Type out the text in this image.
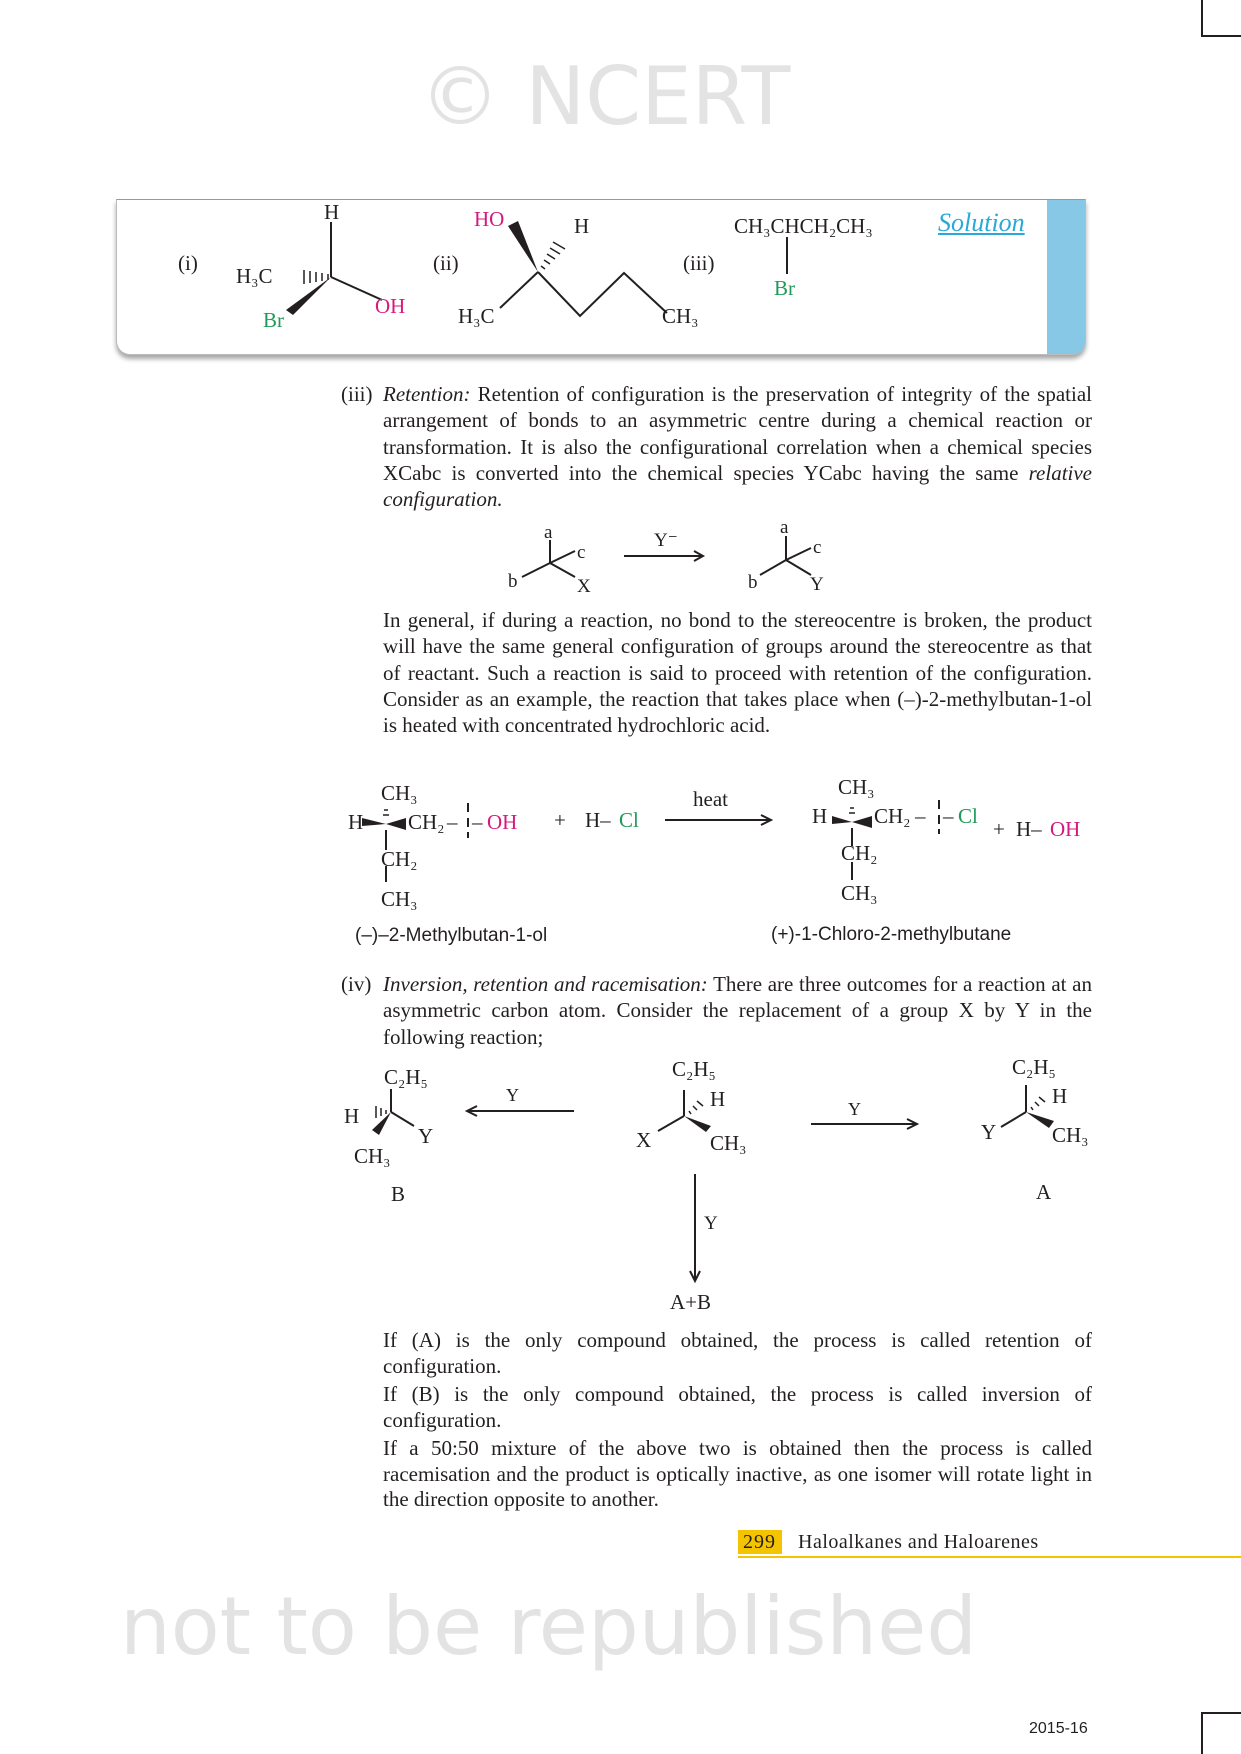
© NCERT
not to be republished
Solution
(iii) Retention: Retention of configuration is the preservation of integrity of the spatial arrangement of bonds to an asymmetric centre during a chemical reaction or transformation. It is also the configurational correlation when a chemical species XCabc is converted into the chemical species YCabc having the same relative configuration.
In general, if during a reaction, no bond to the stereocentre is broken, the product will have the same general configuration of groups around the stereocentre as that of reactant. Such a reaction is said to proceed with retention of the configuration. Consider as an example, the reaction that takes place when (–)-2-methylbutan-1-ol is heated with concentrated hydrochloric acid.
(iv) Inversion, retention and racemisation: There are three outcomes for a reaction at an asymmetric carbon atom. Consider the replacement of a group X by Y in the following reaction;

If (A) is the only compound obtained, the process is called retention of configuration.

If (B) is the only compound obtained, the process is called inversion of configuration.

If a 50:50 mixture of the above two is obtained then the process is called racemisation and the product is optically inactive, as one isomer will rotate light in the direction opposite to another.

(i)	(ii)	(iii)
H
H₃C
Br
OH
HO	H
H₃C	CH₃
CH₃CHCH₂CH₃
Br
a
c
X
b
Y⁻
a
c
Y
b
CH₃
H CH₂ – – OH
CH₂
CH₃
+ H– Cl
heat	CH₃
H CH₂ – – Cl
CH₂
CH₃
+ H– OH
(–)–2-Methylbutan-1-ol	(+)-1-Chloro-2-methylbutane
C₂H₅
H
Y
CH₃
B
Y
C₂H₅
H
X	CH₃
Y
C₂H₅
H
Y	CH₃
A
Y
A+B
299	Haloalkanes and Haloarenes
2015-16
